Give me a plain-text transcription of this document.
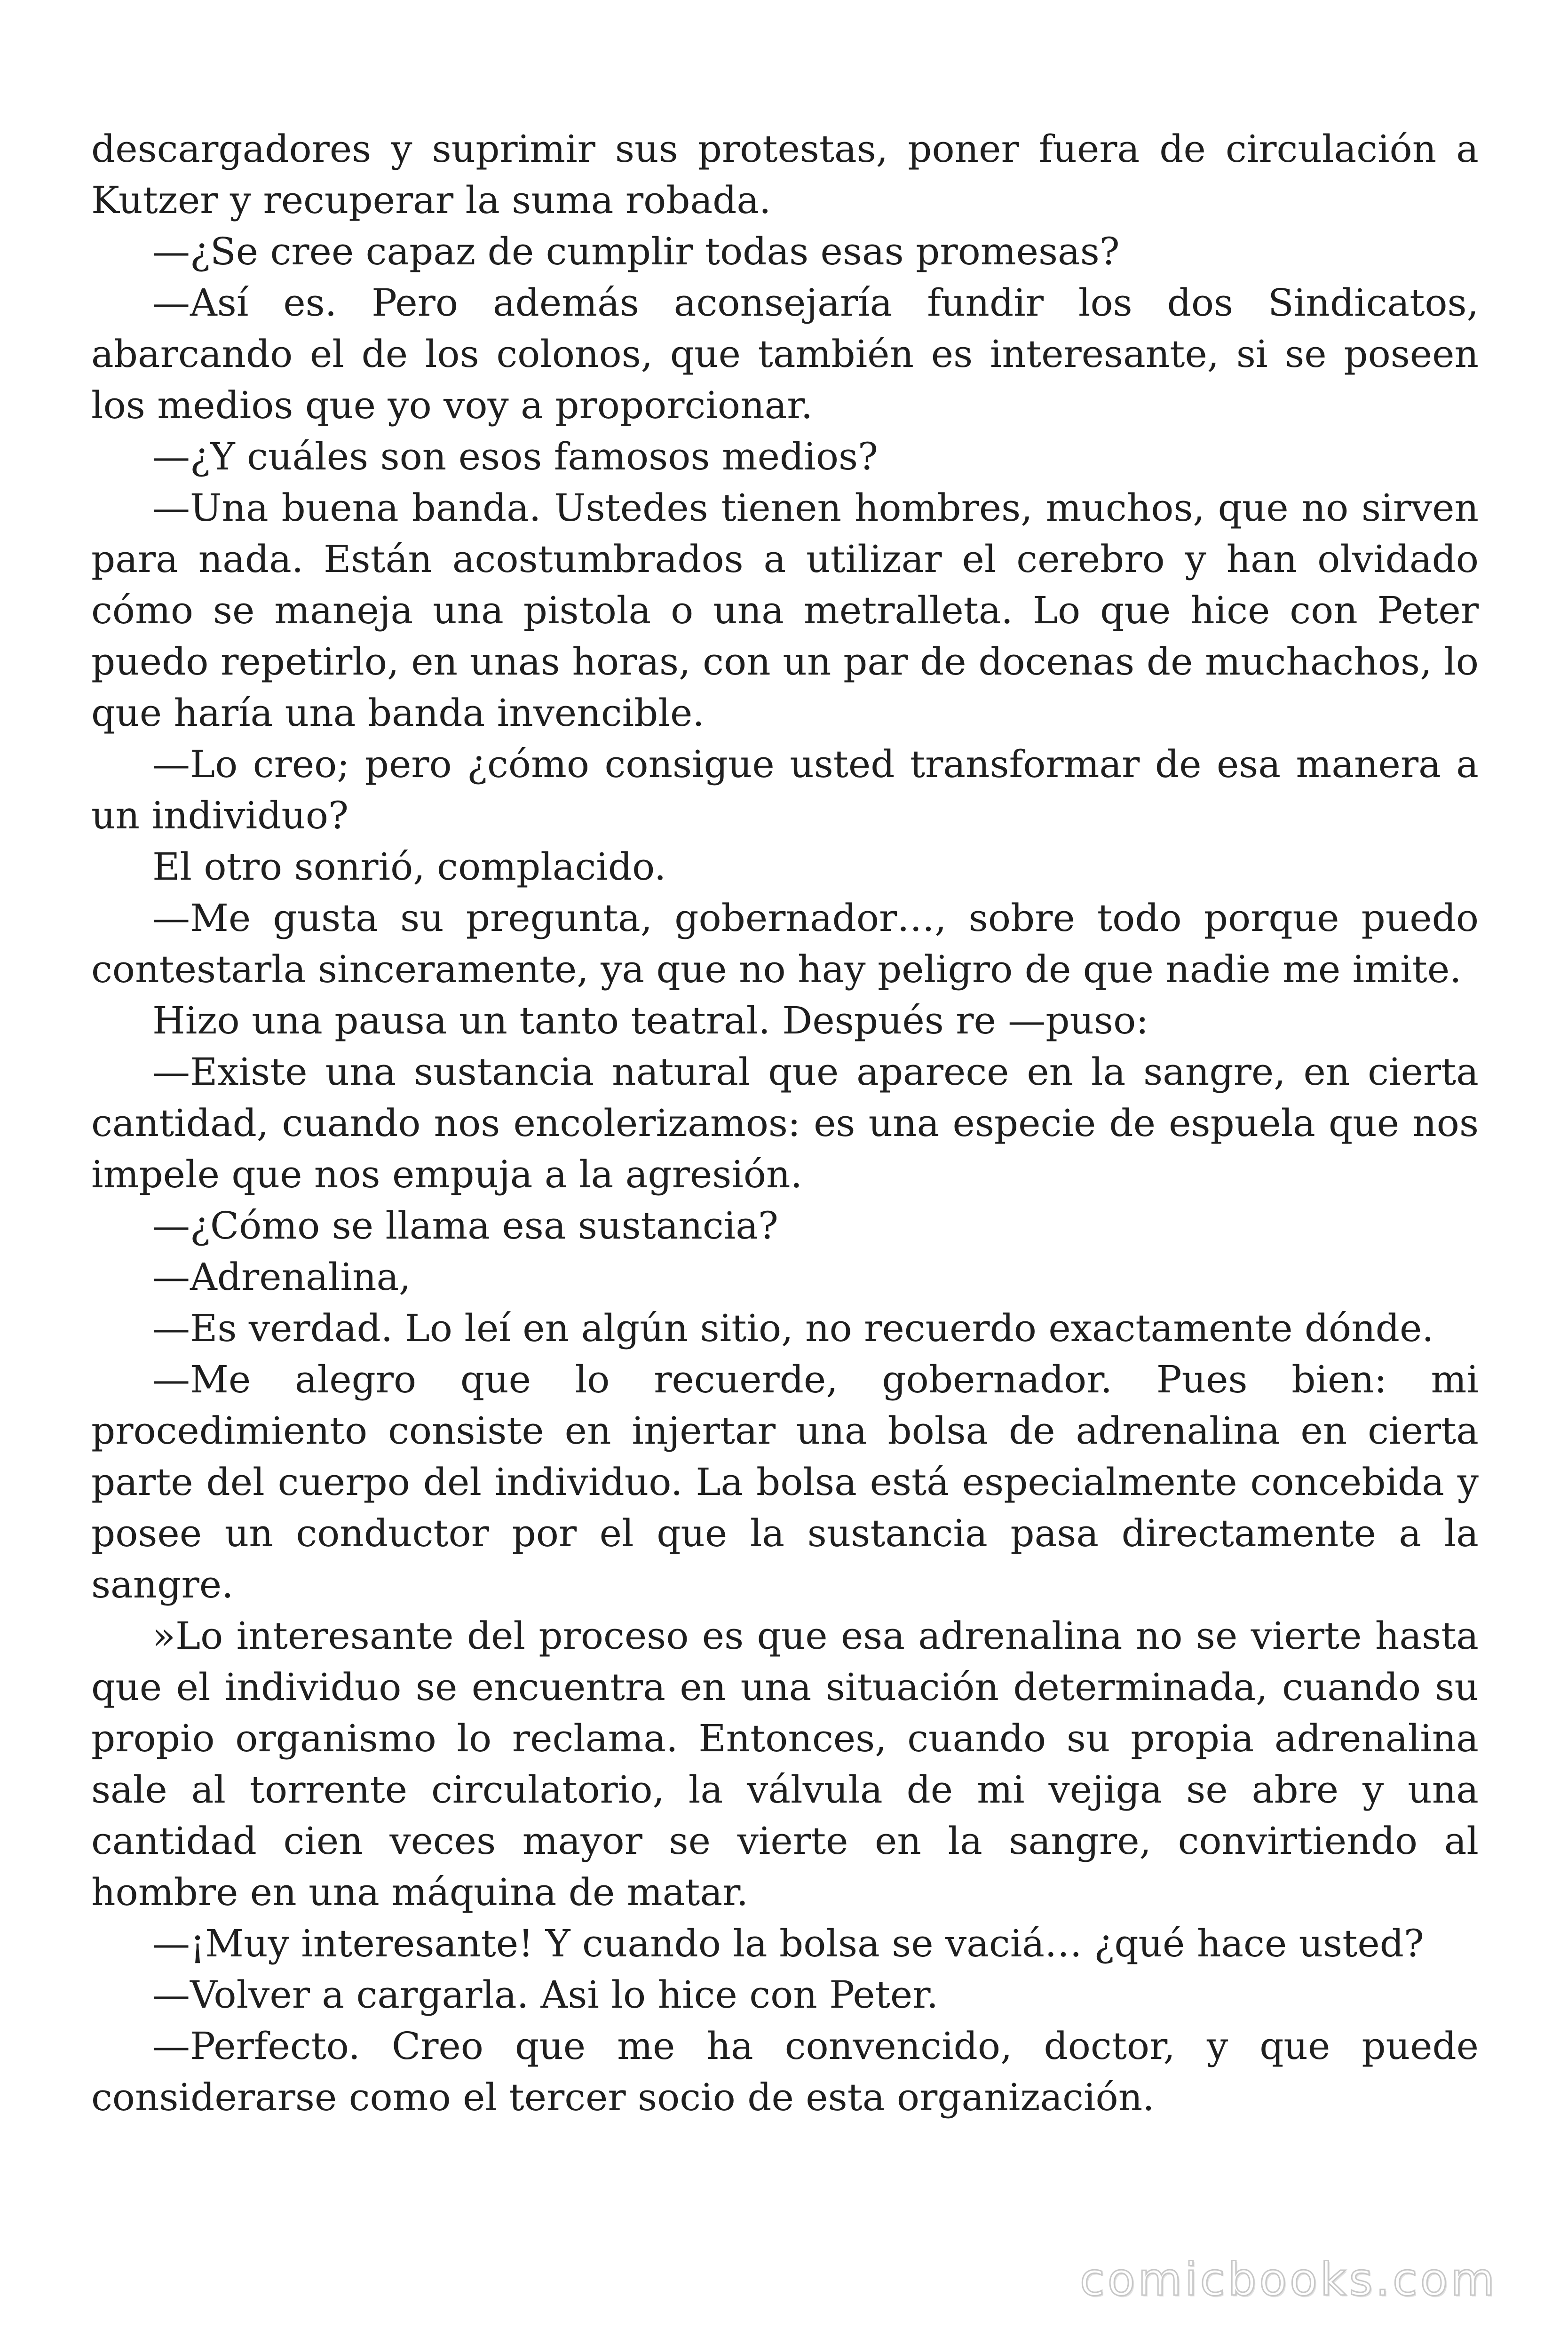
descargadores y suprimir sus protestas, poner fuera de circulación a Kutzer y recuperar la suma robada.

—¿Se cree capaz de cumplir todas esas promesas?

—Así es. Pero además aconsejaría fundir los dos Sindicatos, abarcando el de los colonos, que también es interesante, si se poseen los medios que yo voy a proporcionar.

—¿Y cuáles son esos famosos medios?

—Una buena banda. Ustedes tienen hombres, muchos, que no sirven para nada. Están acostumbrados a utilizar el cerebro y han olvidado cómo se maneja una pistola o una metralleta. Lo que hice con Peter puedo repetirlo, en unas horas, con un par de docenas de muchachos, lo que haría una banda invencible.

—Lo creo; pero ¿cómo consigue usted transformar de esa manera a un individuo?

El otro sonrió, complacido.

—Me gusta su pregunta, gobernador…, sobre todo porque puedo contestarla sinceramente, ya que no hay peligro de que nadie me imite.

Hizo una pausa un tanto teatral. Después re —puso:

—Existe una sustancia natural que aparece en la sangre, en cierta cantidad, cuando nos encolerizamos: es una especie de espuela que nos impele que nos empuja a la agresión.

—¿Cómo se llama esa sustancia?

—Adrenalina,

—Es verdad. Lo leí en algún sitio, no recuerdo exactamente dónde.

—Me alegro que lo recuerde, gobernador. Pues bien: mi procedimiento consiste en injertar una bolsa de adrenalina en cierta parte del cuerpo del individuo. La bolsa está especialmente concebida y posee un conductor por el que la sustancia pasa directamente a la sangre.

»Lo interesante del proceso es que esa adrenalina no se vierte hasta que el individuo se encuentra en una situación determinada, cuando su propio organismo lo reclama. Entonces, cuando su propia adrenalina sale al torrente circulatorio, la válvula de mi vejiga se abre y una cantidad cien veces mayor se vierte en la sangre, convirtiendo al hombre en una máquina de matar.

—¡Muy interesante! Y cuando la bolsa se vaciá… ¿qué hace usted?

—Volver a cargarla. Asi lo hice con Peter.

—Perfecto. Creo que me ha convencido, doctor, y que puede considerarse como el tercer socio de esta organización.

comicbooks.com
